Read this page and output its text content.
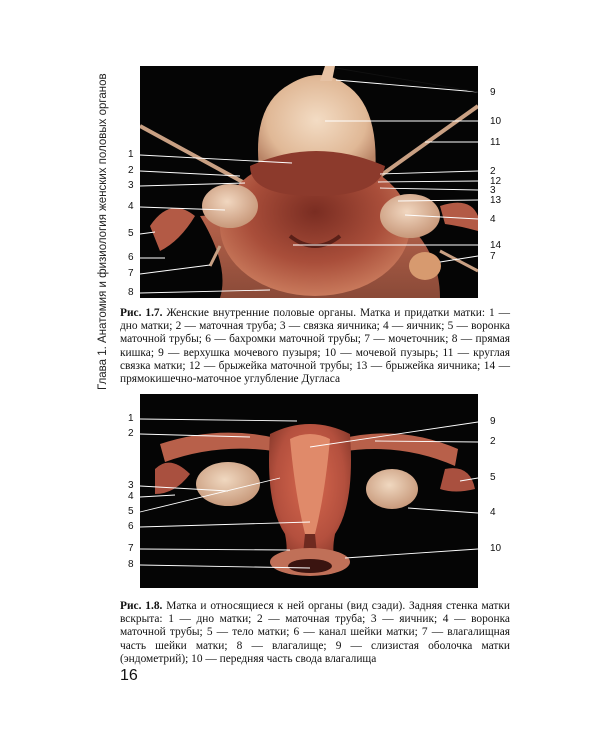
Глава 1. Анатомия и физиология женских половых органов 1
2
3
4
5
6
7
8
9
10
11
2
12
3
13
4
14
7
Рис. 1.7. Женские внутренние половые органы. Матка и придатки матки: 1 — дно матки; 2 — маточная труба; 3 — связка яичника; 4 — яичник; 5 — воронка маточной трубы; 6 — бахромки маточной трубы; 7 — мочеточник; 8 — прямая кишка; 9 — верхушка мочевого пузыря; 10 — мочевой пузырь; 11 — круглая связка матки; 12 — брыжейка маточной трубы; 13 — брыжейка яичника; 14 — прямокишечно-маточное углубление Дугласа
1
2
3
4
5
6
7
8
9
2
5
4
10
Рис. 1.8. Матка и относящиеся к ней органы (вид сзади). Задняя стенка матки вскрыта: 1 — дно матки; 2 — маточная труба; 3 — яичник; 4 — воронка маточной трубы; 5 — тело матки; 6 — канал шейки матки; 7 — влагалищная часть шейки матки; 8 — влагалище; 9 — слизистая оболочка матки (эндометрий); 10 — передняя часть свода влагалища
16
